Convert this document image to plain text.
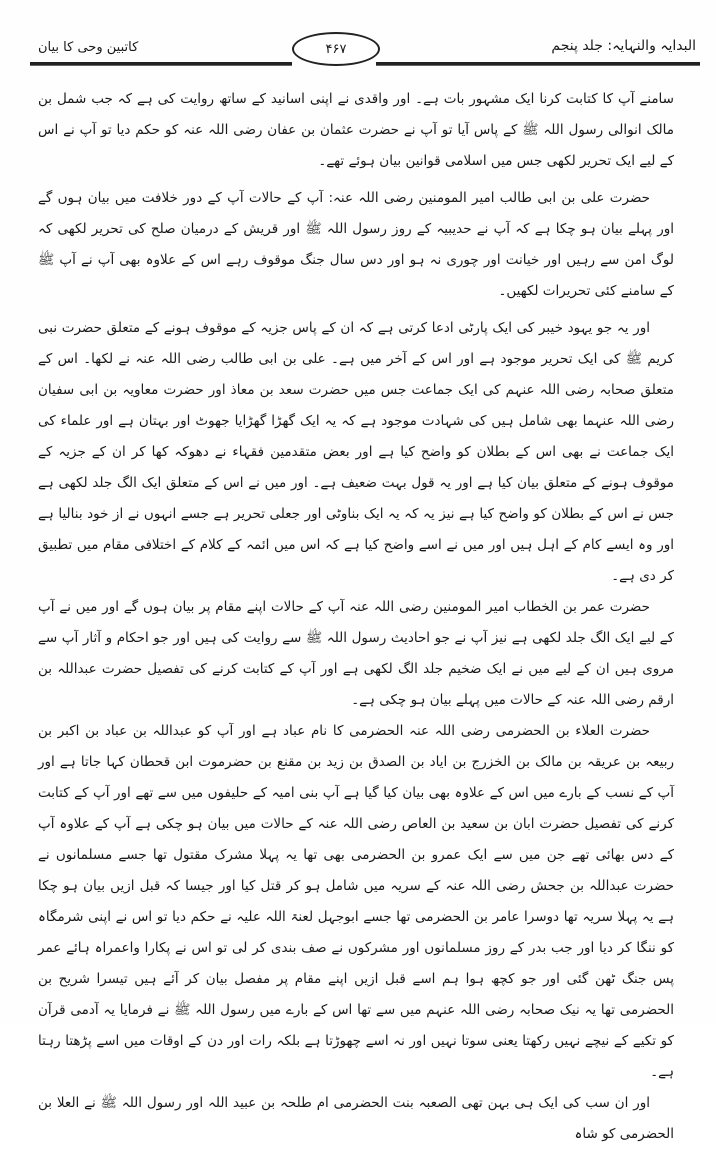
کاتبین وحی کا بیان	۴۶۷	البدایہ والنہایہ: جلد پنجم

سامنے آپ کا کتابت کرنا ایک مشہور بات ہے۔ اور واقدی نے اپنی اسانید کے ساتھ روایت کی ہے کہ جب شمل بن مالک انوالی رسول اللہ ﷺ کے پاس آیا تو آپ نے حضرت عثمان بن عفان رضی اللہ عنہ کو حکم دیا تو آپ نے اس کے لیے ایک تحریر لکھی جس میں اسلامی قوانین بیان ہوئے تھے۔

حضرت علی بن ابی طالب امیر المومنین رضی اللہ عنہ: آپ کے حالات آپ کے دور خلافت میں بیان ہوں گے اور پہلے بیان ہو چکا ہے کہ آپ نے حدیبیہ کے روز رسول اللہ ﷺ اور قریش کے درمیان صلح کی تحریر لکھی کہ لوگ امن سے رہیں اور خیانت اور چوری نہ ہو اور دس سال جنگ موقوف رہے اس کے علاوہ بھی آپ نے آپ ﷺ کے سامنے کئی تحریرات لکھیں۔

اور یہ جو یہود خیبر کی ایک پارٹی ادعا کرتی ہے کہ ان کے پاس جزیہ کے موقوف ہونے کے متعلق حضرت نبی کریم ﷺ کی ایک تحریر موجود ہے اور اس کے آخر میں ہے۔ علی بن ابی طالب رضی اللہ عنہ نے لکھا۔ اس کے متعلق صحابہ رضی اللہ عنہم کی ایک جماعت جس میں حضرت سعد بن معاذ اور حضرت معاویہ بن ابی سفیان رضی اللہ عنہما بھی شامل ہیں کی شہادت موجود ہے کہ یہ ایک گھڑا گھڑایا جھوٹ اور بہتان ہے اور علماء کی ایک جماعت نے بھی اس کے بطلان کو واضح کیا ہے اور بعض متقدمین فقہاء نے دھوکہ کھا کر ان کے جزیہ کے موقوف ہونے کے متعلق بیان کیا ہے اور یہ قول بہت ضعیف ہے۔ اور میں نے اس کے متعلق ایک الگ جلد لکھی ہے جس نے اس کے بطلان کو واضح کیا ہے نیز یہ کہ یہ ایک بناوٹی اور جعلی تحریر ہے جسے انہوں نے از خود بنالیا ہے اور وہ ایسے کام کے اہل ہیں اور میں نے اسے واضح کیا ہے کہ اس میں ائمہ کے کلام کے اختلافی مقام میں تطبیق کر دی ہے۔

حضرت عمر بن الخطاب امیر المومنین رضی اللہ عنہ آپ کے حالات اپنے مقام پر بیان ہوں گے اور میں نے آپ کے لیے ایک الگ جلد لکھی ہے نیز آپ نے جو احادیث رسول اللہ ﷺ سے روایت کی ہیں اور جو احکام و آثار آپ سے مروی ہیں ان کے لیے میں نے ایک ضخیم جلد الگ لکھی ہے اور آپ کے کتابت کرنے کی تفصیل حضرت عبداللہ بن ارقم رضی اللہ عنہ کے حالات میں پہلے بیان ہو چکی ہے۔

حضرت العلاء بن الحضرمی رضی اللہ عنہ الحضرمی کا نام عباد ہے اور آپ کو عبداللہ بن عباد بن اکبر بن ربیعہ بن عریقہ بن مالک بن الخزرج بن ایاد بن الصدق بن زید بن مقنع بن حضرموت ابن قحطان کہا جاتا ہے اور آپ کے نسب کے بارے میں اس کے علاوہ بھی بیان کیا گیا ہے آپ بنی امیہ کے حلیفوں میں سے تھے اور آپ کے کتابت کرنے کی تفصیل حضرت ابان بن سعید بن العاص رضی اللہ عنہ کے حالات میں بیان ہو چکی ہے آپ کے علاوہ آپ کے دس بھائی تھے جن میں سے ایک عمرو بن الحضرمی بھی تھا یہ پہلا مشرک مقتول تھا جسے مسلمانوں نے حضرت عبداللہ بن جحش رضی اللہ عنہ کے سریہ میں شامل ہو کر قتل کیا اور جیسا کہ قبل ازیں بیان ہو چکا ہے یہ پہلا سریہ تھا دوسرا عامر بن الحضرمی تھا جسے ابوجہل لعنۃ اللہ علیہ نے حکم دیا تو اس نے اپنی شرمگاہ کو ننگا کر دیا اور جب بدر کے روز مسلمانوں اور مشرکوں نے صف بندی کر لی تو اس نے پکارا واعمراہ ہائے عمر پس جنگ ٹھن گئی اور جو کچھ ہوا ہم اسے قبل ازیں اپنے مقام پر مفصل بیان کر آئے ہیں تیسرا شریح بن الحضرمی تھا یہ نیک صحابہ رضی اللہ عنہم میں سے تھا اس کے بارے میں رسول اللہ ﷺ نے فرمایا یہ آدمی قرآن کو تکیے کے نیچے نہیں رکھتا یعنی سوتا نہیں اور نہ اسے چھوڑتا ہے بلکہ رات اور دن کے اوقات میں اسے پڑھتا رہتا ہے۔

اور ان سب کی ایک ہی بہن تھی الصعبہ بنت الحضرمی ام طلحہ بن عبید اللہ اور رسول اللہ ﷺ نے العلا بن الحضرمی کو شاہ
